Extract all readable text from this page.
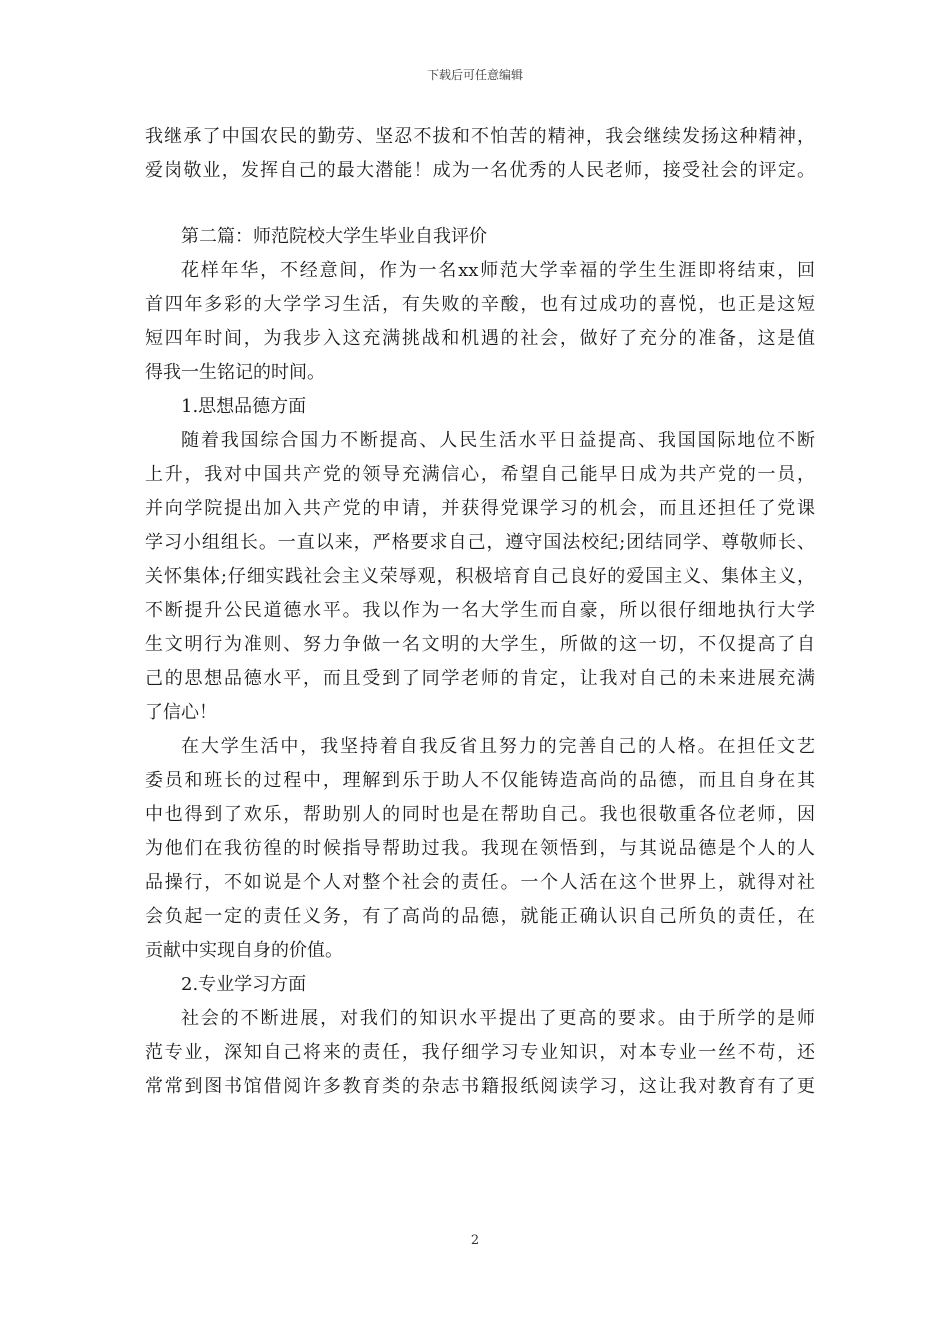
下载后可任意编辑
我继承了中国农民的勤劳、坚忍不拔和不怕苦的精神，我会继续发扬这种精神，
爱岗敬业，发挥自己的最大潜能！成为一名优秀的人民老师，接受社会的评定。
第二篇：师范院校大学生毕业自我评价
花样年华，不经意间，作为一名xx师范大学幸福的学生生涯即将结束，回
首四年多彩的大学学习生活，有失败的辛酸，也有过成功的喜悦，也正是这短
短四年时间，为我步入这充满挑战和机遇的社会，做好了充分的准备，这是值
得我一生铭记的时间。
1.思想品德方面
随着我国综合国力不断提高、人民生活水平日益提高、我国国际地位不断
上升，我对中国共产党的领导充满信心，希望自己能早日成为共产党的一员，
并向学院提出加入共产党的申请，并获得党课学习的机会，而且还担任了党课
学习小组组长。一直以来，严格要求自己，遵守国法校纪;团结同学、尊敬师长、
关怀集体;仔细实践社会主义荣辱观，积极培育自己良好的爱国主义、集体主义，
不断提升公民道德水平。我以作为一名大学生而自豪，所以很仔细地执行大学
生文明行为准则、努力争做一名文明的大学生，所做的这一切，不仅提高了自
己的思想品德水平，而且受到了同学老师的肯定，让我对自己的未来进展充满
了信心！
在大学生活中，我坚持着自我反省且努力的完善自己的人格。在担任文艺
委员和班长的过程中，理解到乐于助人不仅能铸造高尚的品德，而且自身在其
中也得到了欢乐，帮助别人的同时也是在帮助自己。我也很敬重各位老师，因
为他们在我彷徨的时候指导帮助过我。我现在领悟到，与其说品德是个人的人
品操行，不如说是个人对整个社会的责任。一个人活在这个世界上，就得对社
会负起一定的责任义务，有了高尚的品德，就能正确认识自己所负的责任，在
贡献中实现自身的价值。
2.专业学习方面
社会的不断进展，对我们的知识水平提出了更高的要求。由于所学的是师
范专业，深知自己将来的责任，我仔细学习专业知识，对本专业一丝不苟，还
常常到图书馆借阅许多教育类的杂志书籍报纸阅读学习，这让我对教育有了更
2
